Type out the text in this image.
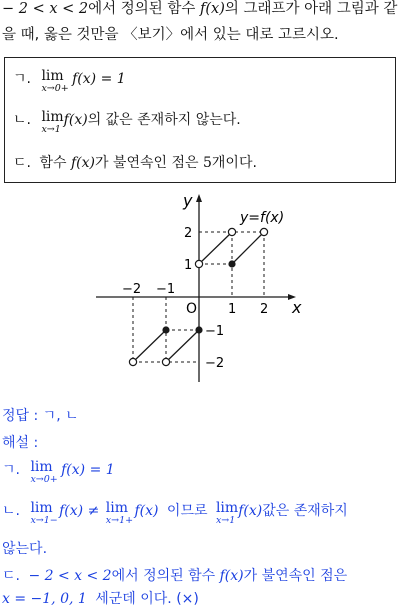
− 2 < x < 2에서 정의된 함수 f(x)의 그래프가 아래 그림과 같
을 때, 옳은 것만을 〈보기〉에서 있는 대로 고르시오.
ㄱ. lim
x→0+
f(x) = 1
ㄴ. lim
x→1
f(x)의 값은 존재하지 않는다.
ㄷ. 함수 f(x)가 불연속인 점은 5개이다.
y
x
O
y=f(x)
−2 −1
1 2
2
1
−1
−2
정답 : ㄱ, ㄴ
해설 :
ㄱ. lim
x→0+
f(x) = 1
ㄴ. lim
x→1−
f(x) ≠ lim
x→1+
f(x) 이므로 lim
x→1
f(x)값은 존재하지
않는다.
ㄷ. − 2 < x < 2에서 정의된 함수 f(x)가 불연속인 점은
x = −1, 0, 1 세군데 이다. (×)
